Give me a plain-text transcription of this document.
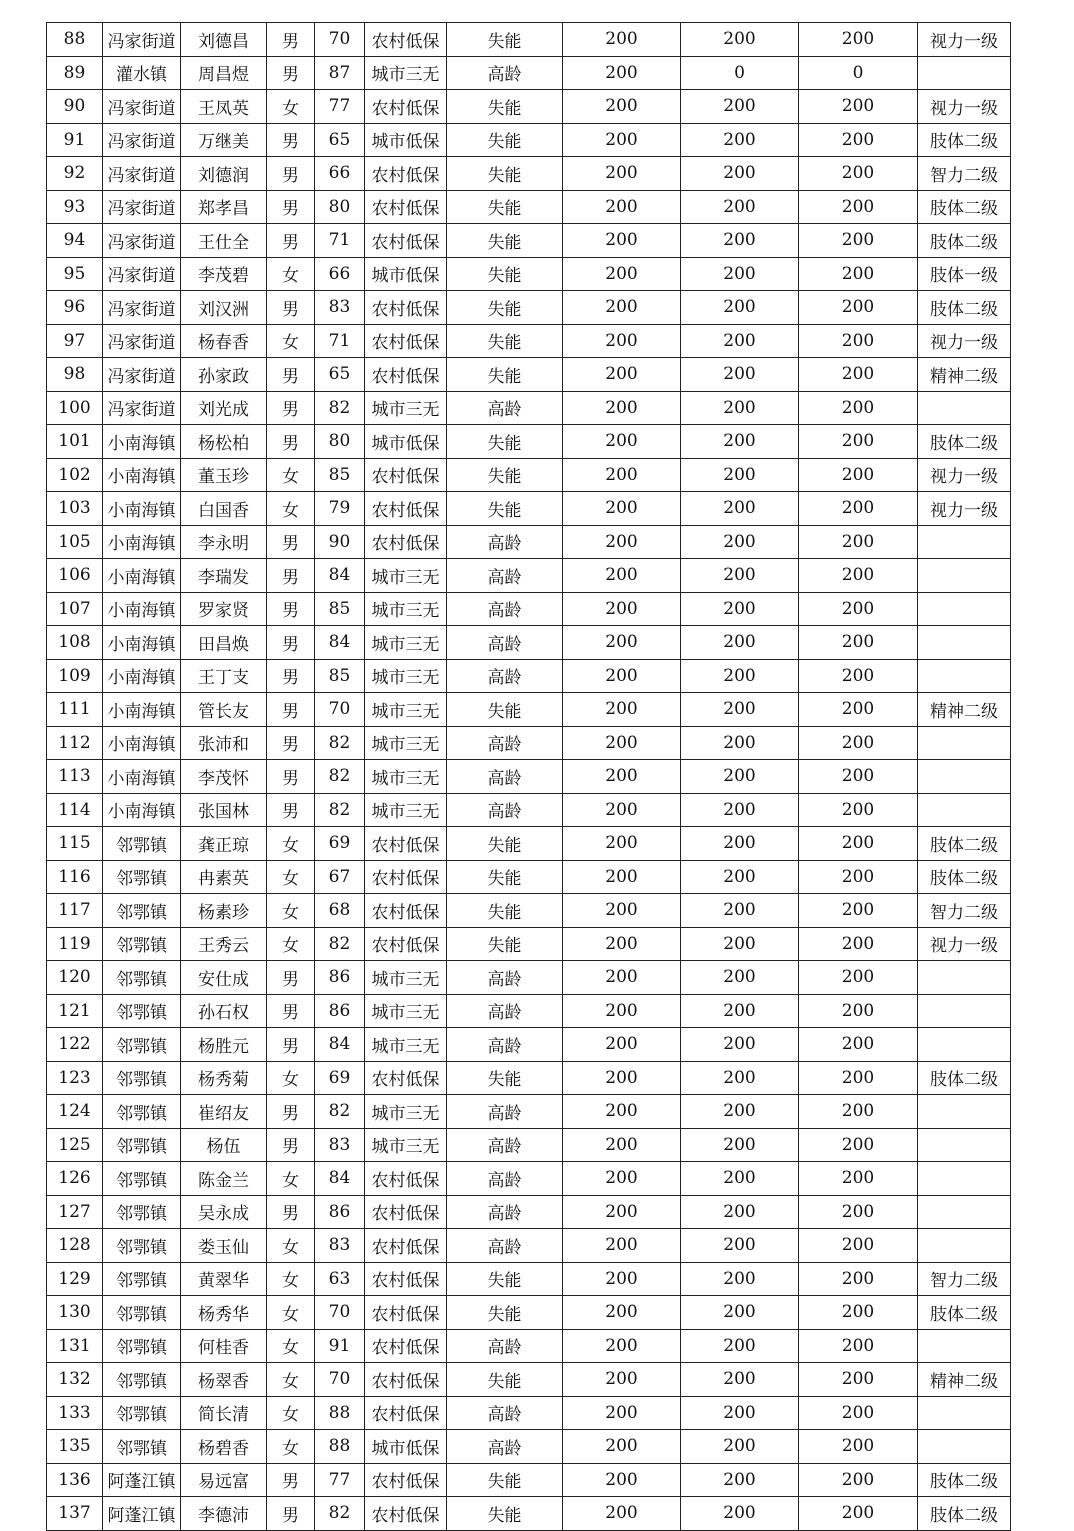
88	冯家街道	刘德昌	男	70	农村低保	失能	200	200	200	视力一级
89	灌水镇	周昌煜	男	87	城市三无	高龄	200	0	0	
90	冯家街道	王凤英	女	77	农村低保	失能	200	200	200	视力一级
91	冯家街道	万继美	男	65	城市低保	失能	200	200	200	肢体二级
92	冯家街道	刘德润	男	66	农村低保	失能	200	200	200	智力二级
93	冯家街道	郑孝昌	男	80	农村低保	失能	200	200	200	肢体二级
94	冯家街道	王仕全	男	71	农村低保	失能	200	200	200	肢体二级
95	冯家街道	李茂碧	女	66	城市低保	失能	200	200	200	肢体一级
96	冯家街道	刘汉洲	男	83	农村低保	失能	200	200	200	肢体二级
97	冯家街道	杨春香	女	71	农村低保	失能	200	200	200	视力一级
98	冯家街道	孙家政	男	65	农村低保	失能	200	200	200	精神二级
100	冯家街道	刘光成	男	82	城市三无	高龄	200	200	200	
101	小南海镇	杨松柏	男	80	城市低保	失能	200	200	200	肢体二级
102	小南海镇	董玉珍	女	85	农村低保	失能	200	200	200	视力一级
103	小南海镇	白国香	女	79	农村低保	失能	200	200	200	视力一级
105	小南海镇	李永明	男	90	农村低保	高龄	200	200	200	
106	小南海镇	李瑞发	男	84	城市三无	高龄	200	200	200	
107	小南海镇	罗家贤	男	85	城市三无	高龄	200	200	200	
108	小南海镇	田昌焕	男	84	城市三无	高龄	200	200	200	
109	小南海镇	王丁支	男	85	城市三无	高龄	200	200	200	
111	小南海镇	管长友	男	70	城市三无	失能	200	200	200	精神二级
112	小南海镇	张沛和	男	82	城市三无	高龄	200	200	200	
113	小南海镇	李茂怀	男	82	城市三无	高龄	200	200	200	
114	小南海镇	张国林	男	82	城市三无	高龄	200	200	200	
115	邻鄂镇	龚正琼	女	69	农村低保	失能	200	200	200	肢体二级
116	邻鄂镇	冉素英	女	67	农村低保	失能	200	200	200	肢体二级
117	邻鄂镇	杨素珍	女	68	农村低保	失能	200	200	200	智力二级
119	邻鄂镇	王秀云	女	82	农村低保	失能	200	200	200	视力一级
120	邻鄂镇	安仕成	男	86	城市三无	高龄	200	200	200	
121	邻鄂镇	孙石权	男	86	城市三无	高龄	200	200	200	
122	邻鄂镇	杨胜元	男	84	城市三无	高龄	200	200	200	
123	邻鄂镇	杨秀菊	女	69	农村低保	失能	200	200	200	肢体二级
124	邻鄂镇	崔绍友	男	82	城市三无	高龄	200	200	200	
125	邻鄂镇	杨伍	男	83	城市三无	高龄	200	200	200	
126	邻鄂镇	陈金兰	女	84	农村低保	高龄	200	200	200	
127	邻鄂镇	吴永成	男	86	农村低保	高龄	200	200	200	
128	邻鄂镇	娄玉仙	女	83	农村低保	高龄	200	200	200	
129	邻鄂镇	黄翠华	女	63	农村低保	失能	200	200	200	智力二级
130	邻鄂镇	杨秀华	女	70	农村低保	失能	200	200	200	肢体二级
131	邻鄂镇	何桂香	女	91	农村低保	高龄	200	200	200	
132	邻鄂镇	杨翠香	女	70	农村低保	失能	200	200	200	精神二级
133	邻鄂镇	简长清	女	88	农村低保	高龄	200	200	200	
135	邻鄂镇	杨碧香	女	88	城市低保	高龄	200	200	200	
136	阿蓬江镇	易远富	男	77	农村低保	失能	200	200	200	肢体二级
137	阿蓬江镇	李德沛	男	82	农村低保	失能	200	200	200	肢体二级
